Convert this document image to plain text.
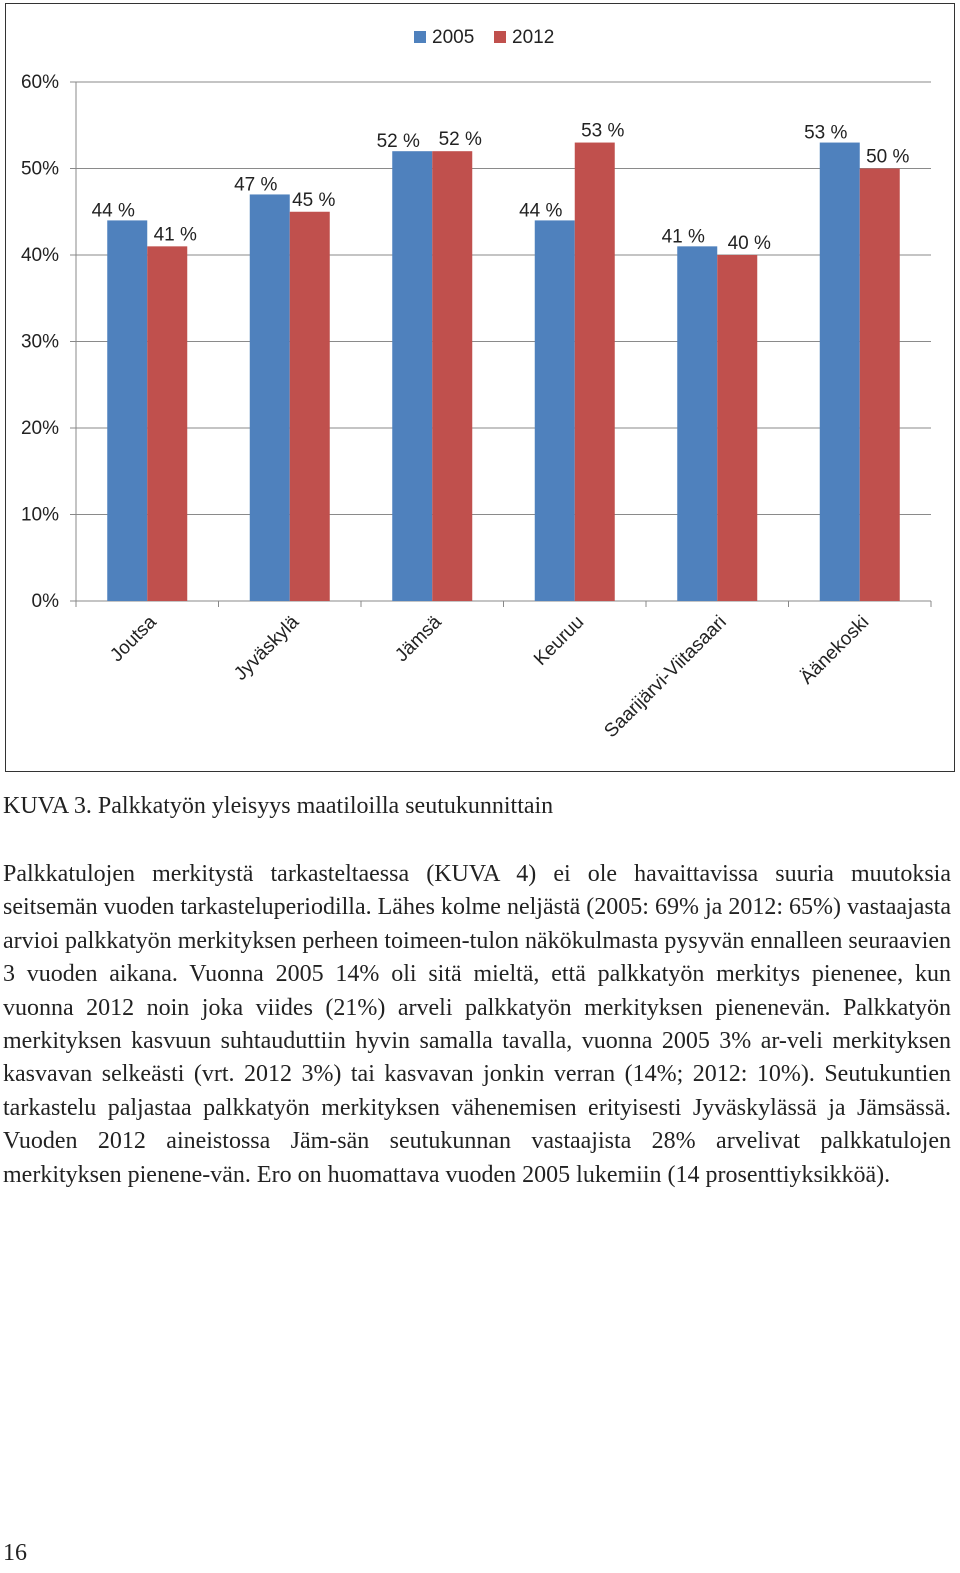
0%
10%
20%
30%
40%
50%
60%
44 %
41 %
Joutsa
47 %
45 %
Jyväskylä
52 % 52 %
Jämsä
44 %
53 %
Keuruu
41 % 40 %
Saarijärvi-Viitasaari
53 %
50 %
Äänekoski
2005 2012
KUVA 3. Palkkatyön yleisyys maatiloilla seutukunnittain

Palkkatulojen merkitystä tarkasteltaessa (KUVA 4) ei ole havaittavissa suuria muutoksia seitsemän vuoden tarkasteluperiodilla. Lähes kolme neljästä (2005: 69% ja 2012: 65%) vastaajasta arvioi palkkatyön merkityksen perheen toimeen-tulon näkökulmasta pysyvän ennalleen seuraavien 3 vuoden aikana. Vuonna 2005 14% oli sitä mieltä, että palkkatyön merkitys pienenee, kun vuonna 2012 noin joka viides (21%) arveli palkkatyön merkityksen pienenevän. Palkkatyön merkityksen kasvuun suhtauduttiin hyvin samalla tavalla, vuonna 2005 3% ar-veli merkityksen kasvavan selkeästi (vrt. 2012 3%) tai kasvavan jonkin verran (14%; 2012: 10%). Seutukuntien tarkastelu paljastaa palkkatyön merkityksen vähenemisen erityisesti Jyväskylässä ja Jämsässä. Vuoden 2012 aineistossa Jäm-sän seutukunnan vastaajista 28% arvelivat palkkatulojen merkityksen pienene-vän. Ero on huomattava vuoden 2005 lukemiin (14 prosenttiyksikköä).

16
